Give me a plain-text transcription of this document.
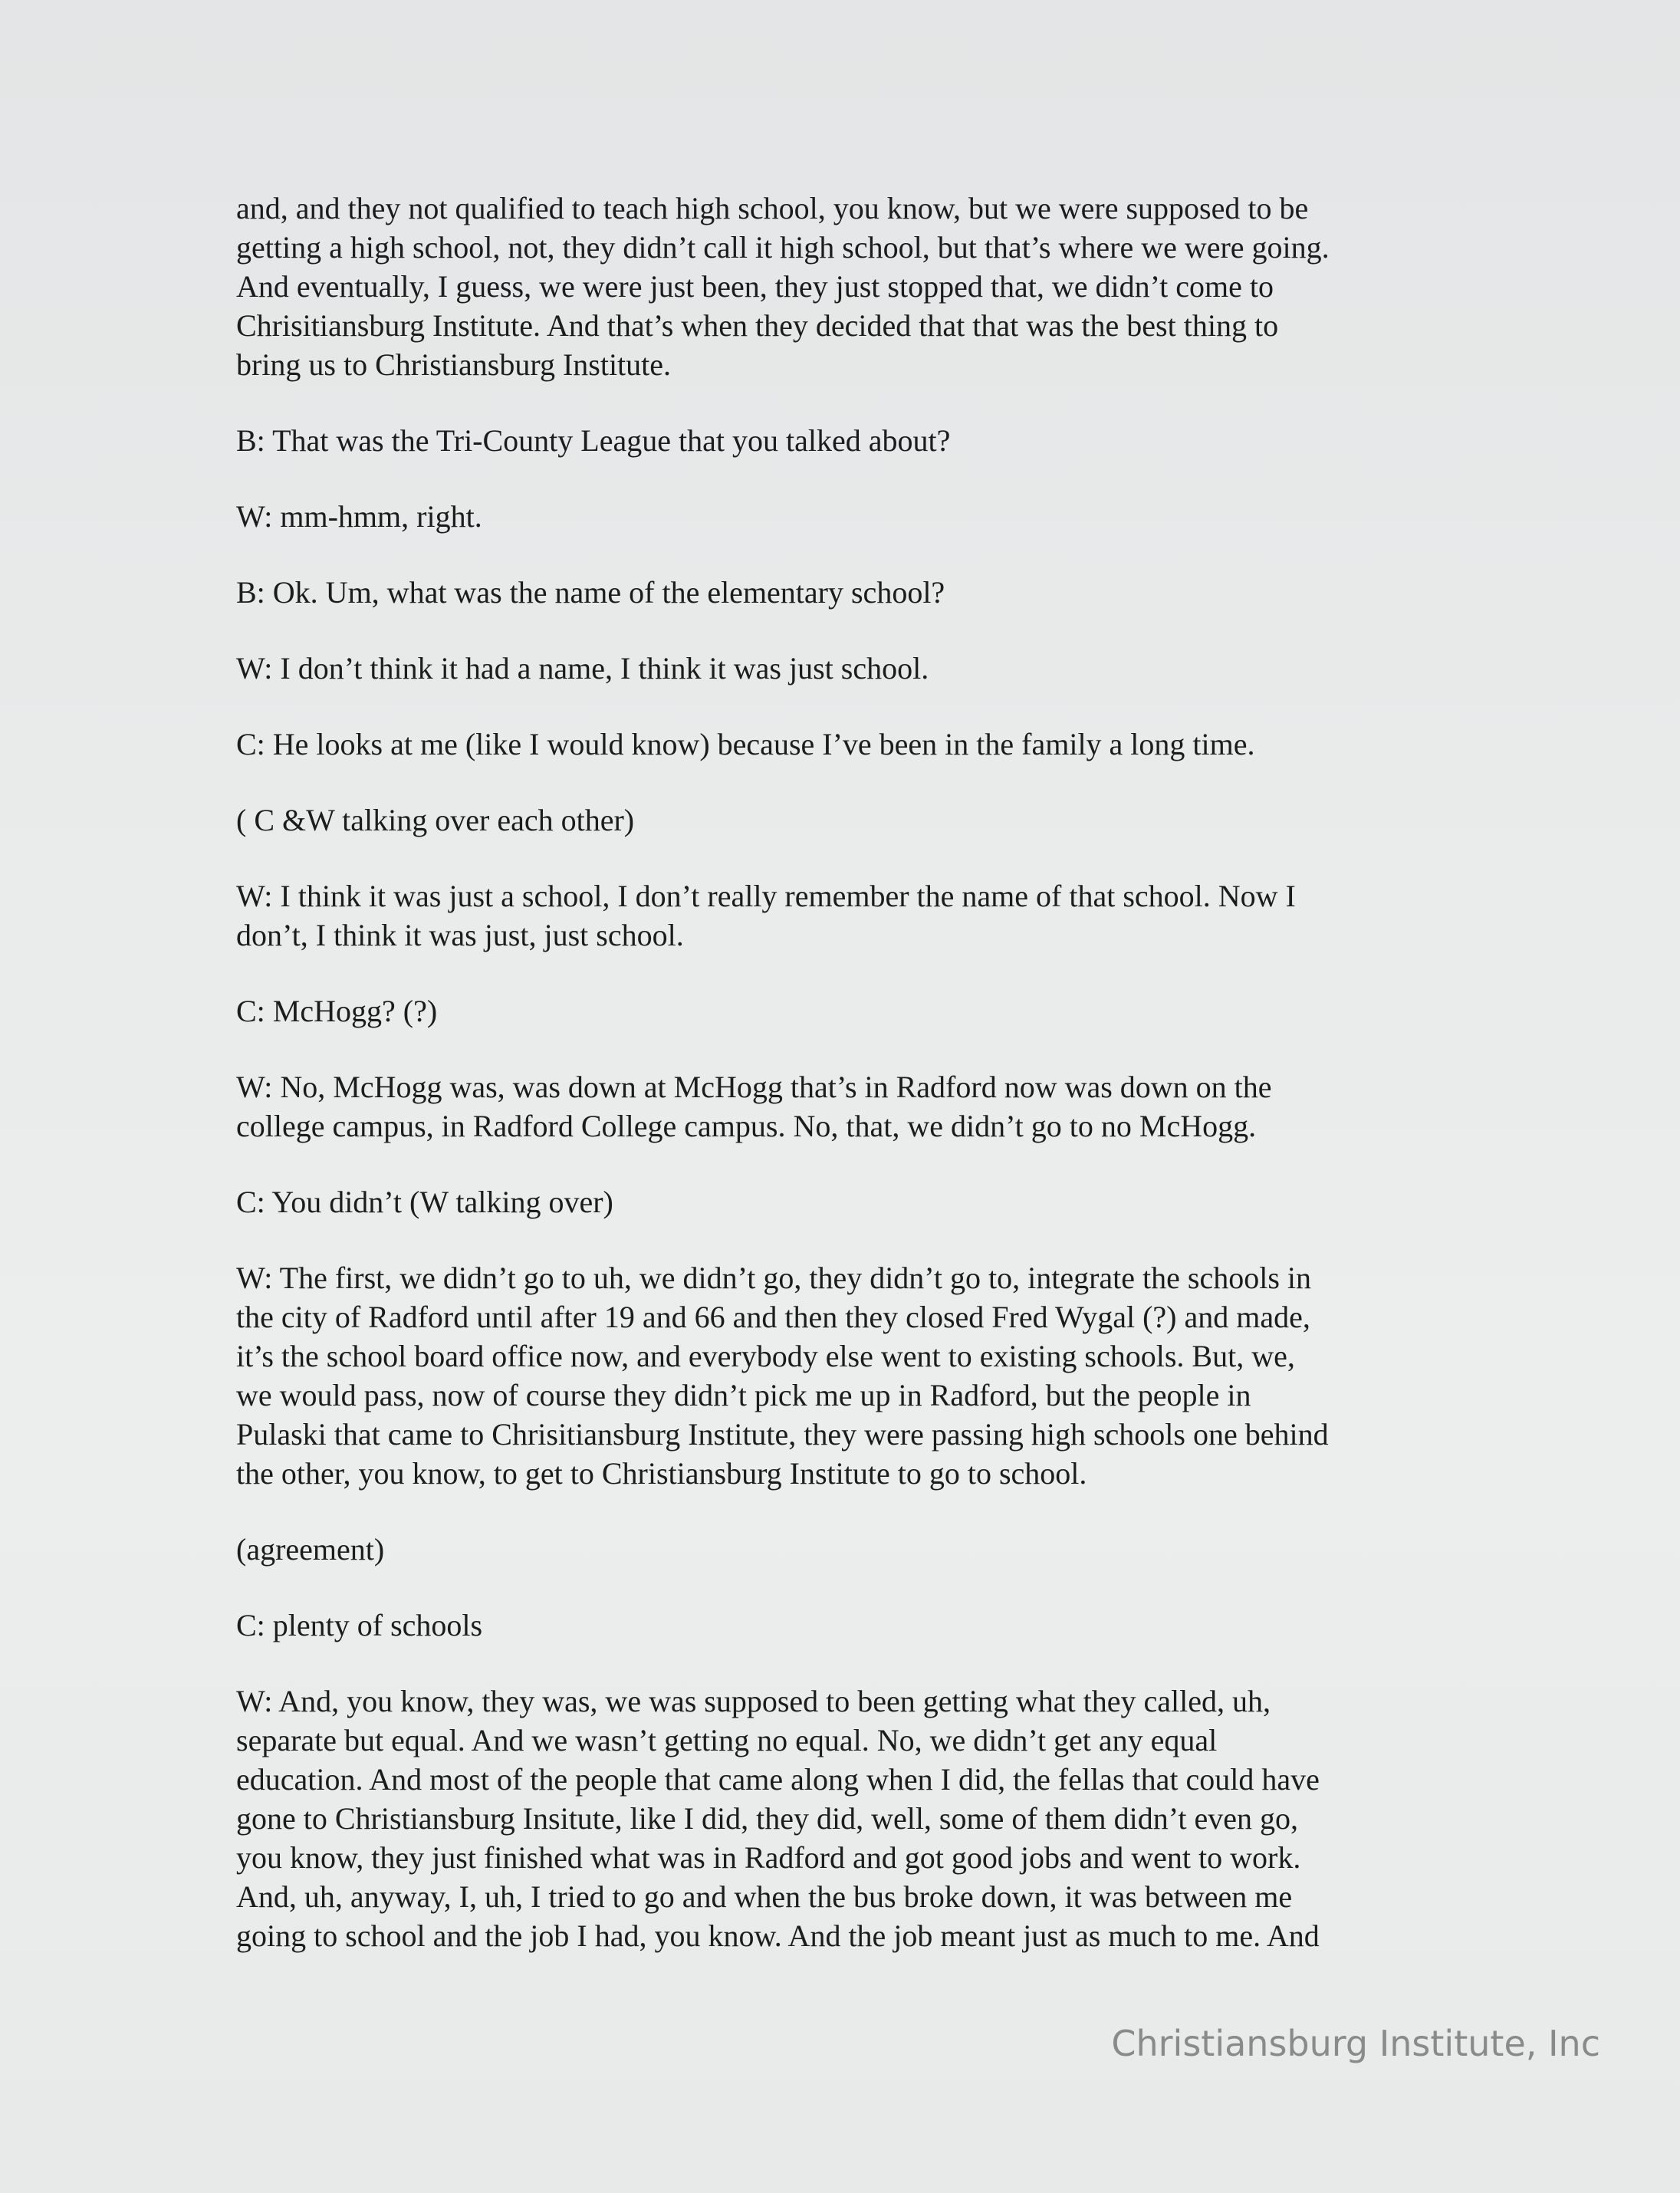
and, and they not qualified to teach high school, you know, but we were supposed to be
getting a high school, not, they didn’t call it high school, but that’s where we were going.
And eventually, I guess, we were just been, they just stopped that, we didn’t come to
Chrisitiansburg Institute. And that’s when they decided that that was the best thing to
bring us to Christiansburg Institute.

B: That was the Tri-County League that you talked about?

W: mm-hmm, right.

B: Ok. Um, what was the name of the elementary school?

W: I don’t think it had a name, I think it was just school.

C: He looks at me (like I would know) because I’ve been in the family a long time.

( C &W talking over each other)

W: I think it was just a school, I don’t really remember the name of that school. Now I
don’t, I think it was just, just school.

C: McHogg? (?)

W: No, McHogg was, was down at McHogg that’s in Radford now was down on the
college campus, in Radford College campus. No, that, we didn’t go to no McHogg.

C: You didn’t (W talking over)

W: The first, we didn’t go to uh, we didn’t go, they didn’t go to, integrate the schools in
the city of Radford until after 19 and 66 and then they closed Fred Wygal (?) and made,
it’s the school board office now, and everybody else went to existing schools. But, we,
we would pass, now of course they didn’t pick me up in Radford, but the people in
Pulaski that came to Chrisitiansburg Institute, they were passing high schools one behind
the other, you know, to get to Christiansburg Institute to go to school.

(agreement)

C: plenty of schools

W: And, you know, they was, we was supposed to been getting what they called, uh,
separate but equal. And we wasn’t getting no equal. No, we didn’t get any equal
education. And most of the people that came along when I did, the fellas that could have
gone to Christiansburg Insitute, like I did, they did, well, some of them didn’t even go,
you know, they just finished what was in Radford and got good jobs and went to work.
And, uh, anyway, I, uh, I tried to go and when the bus broke down, it was between me
going to school and the job I had, you know. And the job meant just as much to me. And

Christiansburg Institute, Inc
